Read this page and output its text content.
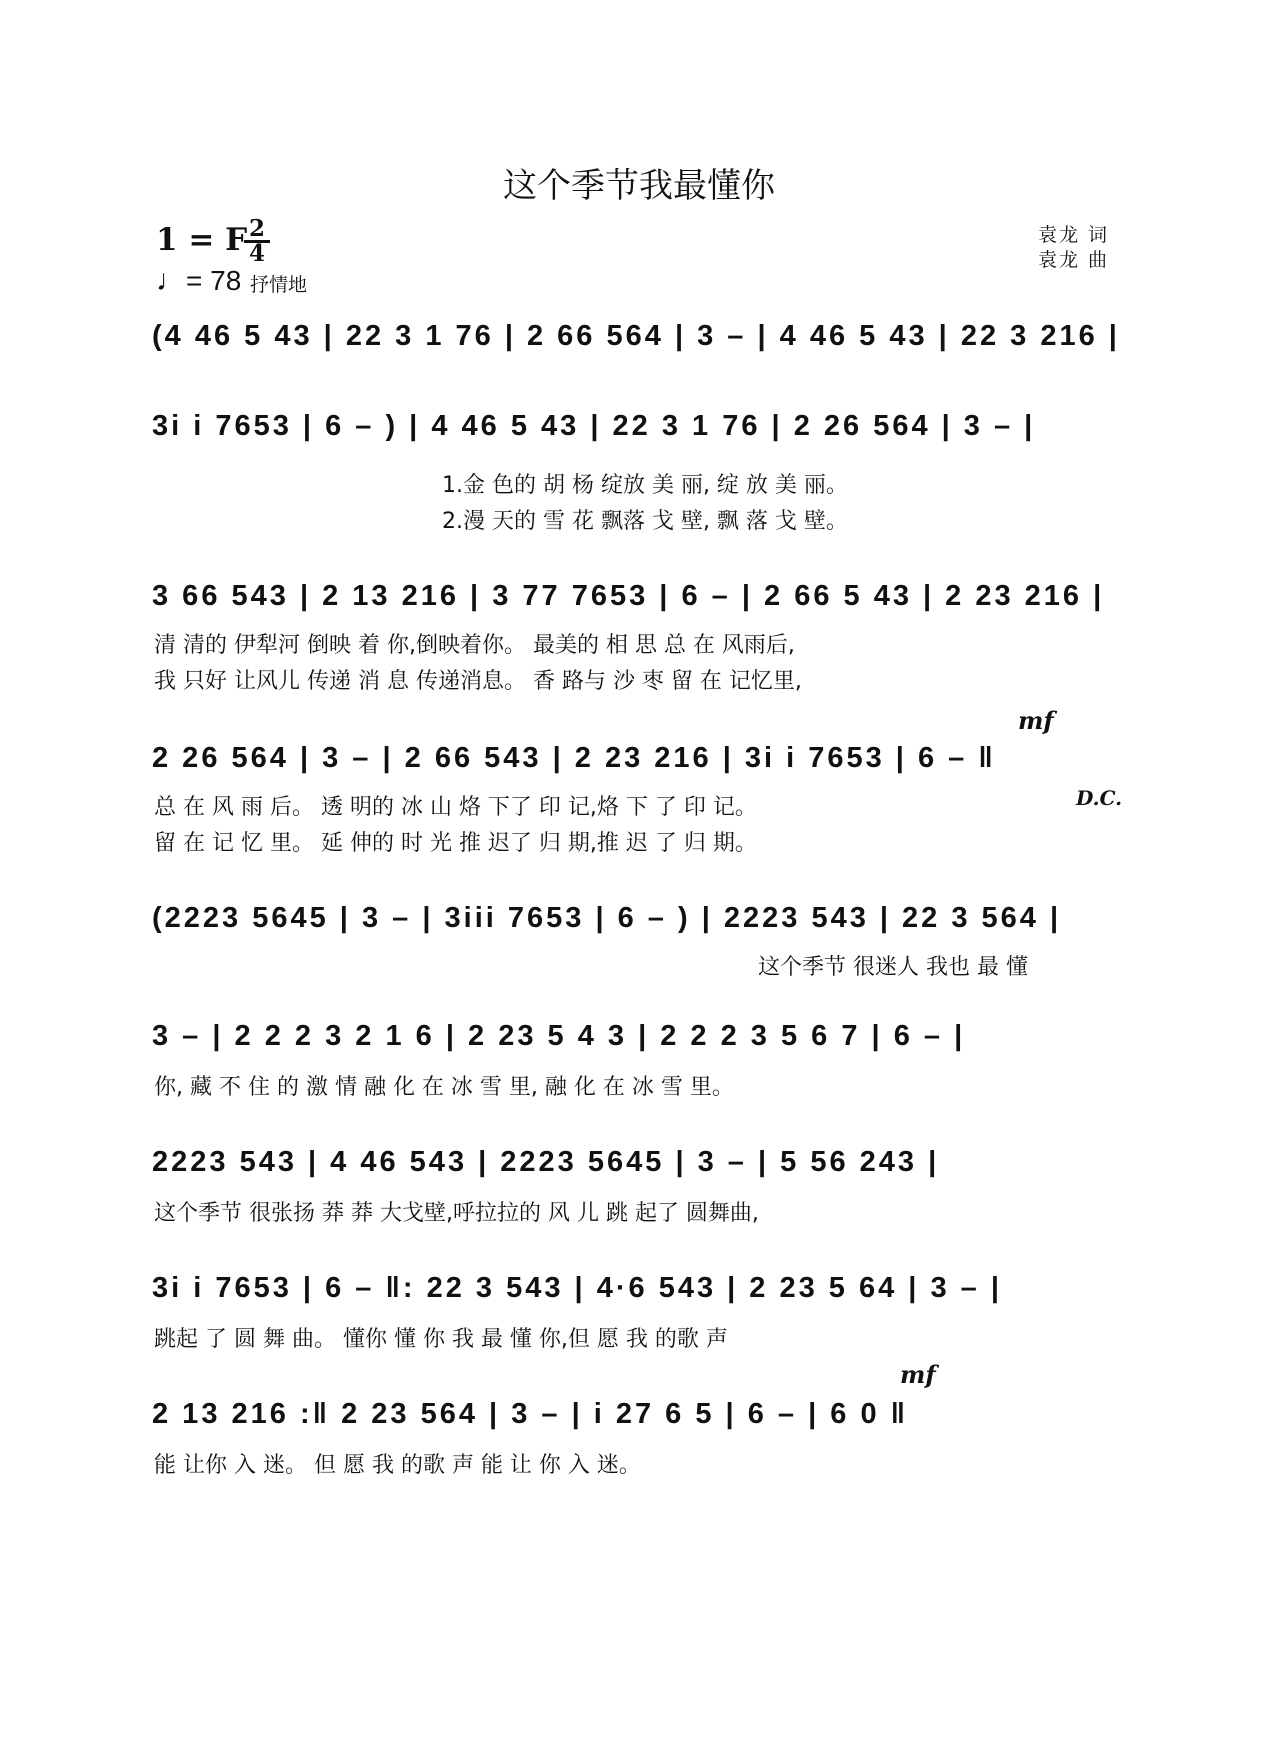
这个季节我最懂你
1 = F 2
4
♩= 78 抒情地
袁龙 词
袁龙 曲
(4 46 5 43 | 22 3 1 76 | 2 66 564 | 3 – | 4 46 5 43 | 22 3 216 |
3i i 7653 | 6 – ) | 4 46 5 43 | 22 3 1 76 | 2 26 564 | 3 – |
1.金 色的 胡 杨 绽放 美 丽, 绽 放 美 丽。
2.漫 天的 雪 花 飘落 戈 壁, 飘 落 戈 壁。
3 66 543 | 2 13 216 | 3 77 7653 | 6 – | 2 66 5 43 | 2 23 216 |
清 清的 伊犁河 倒映 着 你,倒映着你。 最美的 相 思 总 在 风雨后,
我 只好 让风儿 传递 消 息 传递消息。 香 路与 沙 枣 留 在 记忆里,
mf
2 26 564 | 3 – | 2 66 543 | 2 23 216 | 3i i 7653 | 6 – ‖
总 在 风 雨 后。 透 明的 冰 山 烙 下了 印 记,烙 下 了 印 记。	D.C.
留 在 记 忆 里。 延 伸的 时 光 推 迟了 归 期,推 迟 了 归 期。
(2223 5645 | 3 – | 3iii 7653 | 6 – ) | 2223 543 | 22 3 564 |
这个季节 很迷人 我也 最 懂
3 – | 2 2 2 3 2 1 6 | 2 23 5 4 3 | 2 2 2 3 5 6 7 | 6 – |
你, 藏 不 住 的 激 情 融 化 在 冰 雪 里, 融 化 在 冰 雪 里。
2223 543 | 4 46 543 | 2223 5645 | 3 – | 5 56 243 |
这个季节 很张扬 莽 莽 大戈壁,呼拉拉的 风 儿 跳 起了 圆舞曲,
3i i 7653 | 6 – ‖: 22 3 543 | 4·6 543 | 2 23 5 64 | 3 – |
跳起 了 圆 舞 曲。 懂你 懂 你 我 最 懂 你,但 愿 我 的歌 声
mf
2 13 216 :‖ 2 23 564 | 3 – | i 27 6 5 | 6 – | 6 0 ‖
能 让你 入 迷。 但 愿 我 的歌 声 能 让 你 入 迷。
